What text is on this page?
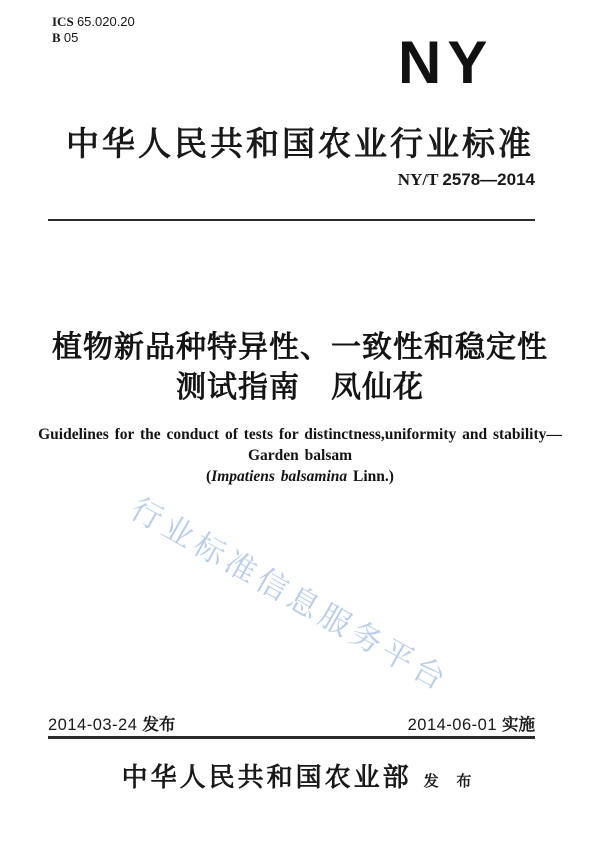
ICS 65.020.20
B 05	NY
中华人民共和国农业行业标准
NY/T 2578—2014
植物新品种特异性、一致性和稳定性
测试指南　凤仙花
Guidelines for the conduct of tests for distinctness,uniformity and stability—
Garden balsam
(Impatiens balsamina Linn.)
行业标准信息服务平台
2014-03-24 发布	2014-06-01 实施
中华人民共和国农业部 发 布
